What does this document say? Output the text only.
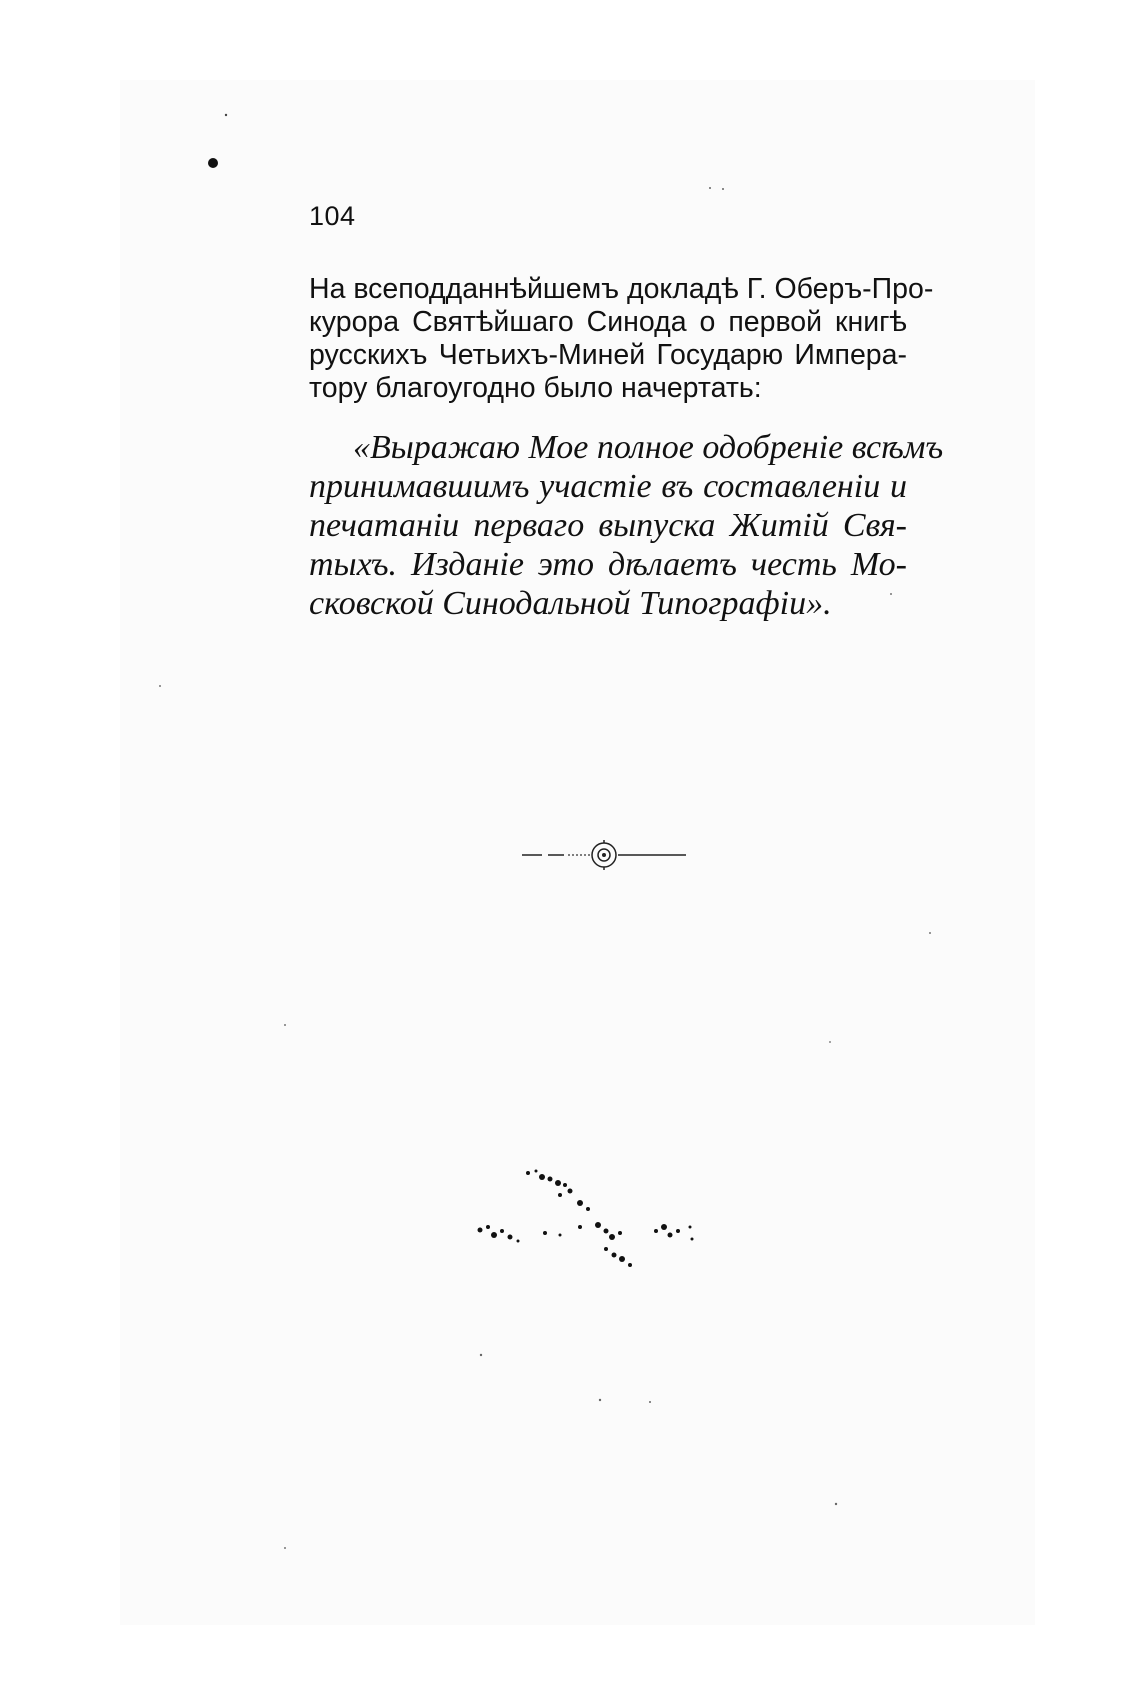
104
На всеподданнѣйшемъ докладѣ Г. Оберъ-Про-
курора Святѣйшаго Синода о первой книгѣ
русскихъ Четьихъ-Миней Государю Импера-
тору благоугодно было начертать:
«Выражаю Мое полное одобренiе всѣмъ
принимавшимъ участiе въ составленiи и
печатанiи перваго выпуска Житiй Свя-
тыхъ. Изданiе это дѣлаетъ честь Мо-
сковской Синодальной Типографiи».
